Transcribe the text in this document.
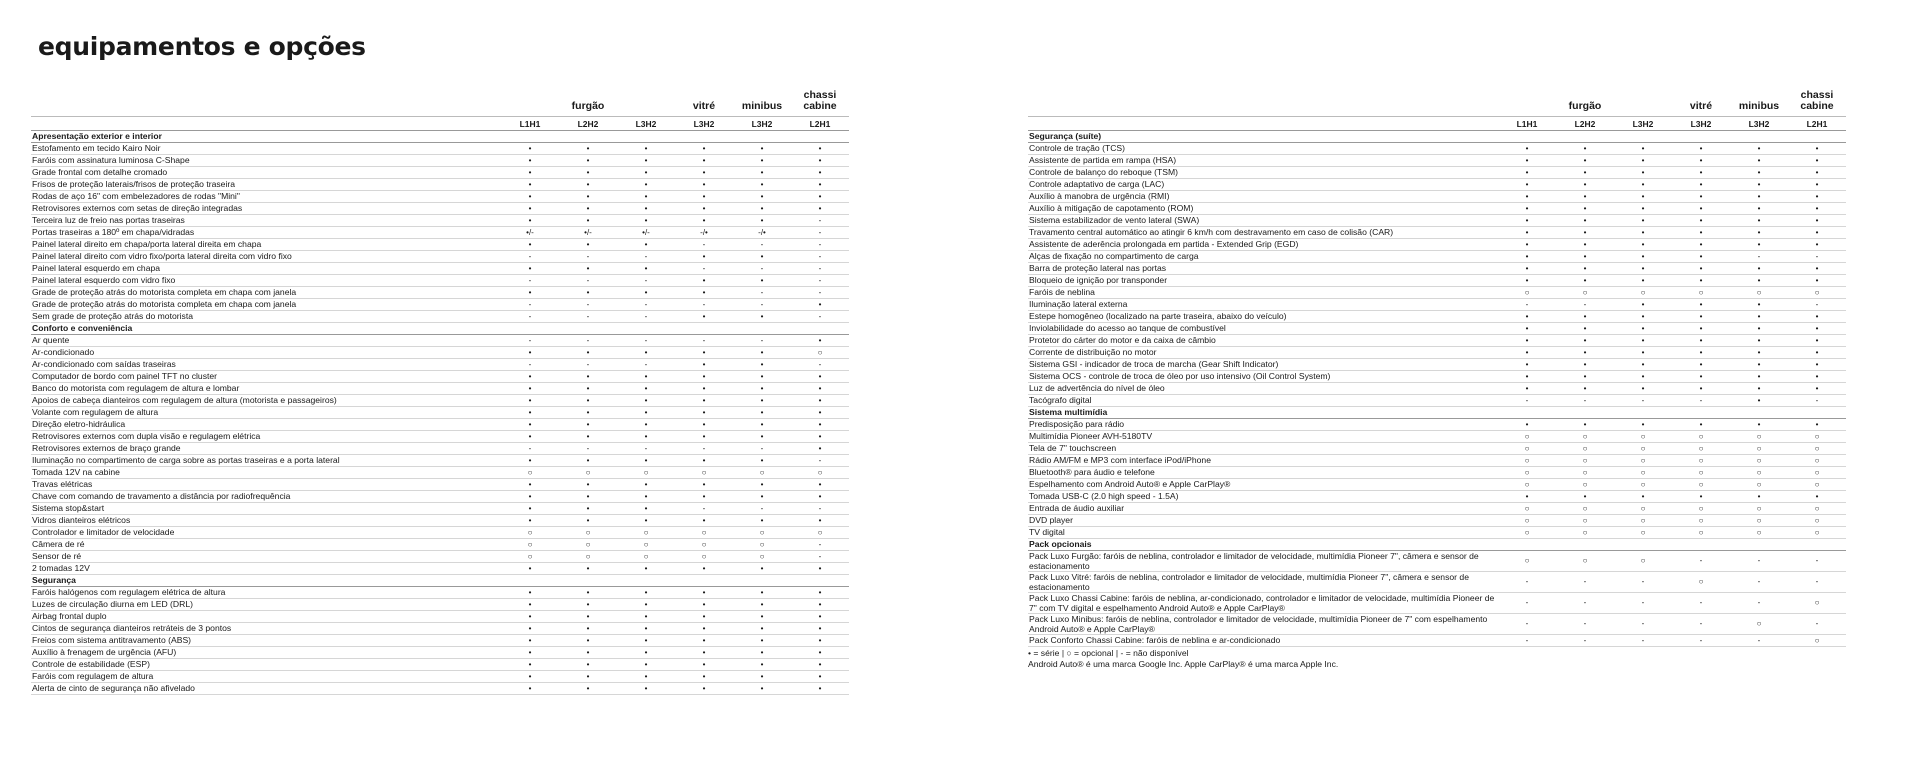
equipamentos e opções
	furgão			vitré	minibus	chassi cabine
	L1H1	L2H2	L3H2	L3H2	L3H2	L2H1
Apresentação exterior e interior						
Estofamento em tecido Kairo Noir	•	•	•	•	•	•
Faróis com assinatura luminosa C-Shape	•	•	•	•	•	•
Grade frontal com detalhe cromado	•	•	•	•	•	•
Frisos de proteção laterais/frisos de proteção traseira	•	•	•	•	•	•
Rodas de aço 16" com embelezadores de rodas "Mini"	•	•	•	•	•	•
Retrovisores externos com setas de direção integradas	•	•	•	•	•	•
Terceira luz de freio nas portas traseiras	•	•	•	•	•	-
Portas traseiras a 180º em chapa/vidradas	•/-	•/-	•/-	-/•	-/•	-
Painel lateral direito em chapa/porta lateral direita em chapa	•	•	•	-	-	-
Painel lateral direito com vidro fixo/porta lateral direita com vidro fixo	-	-	-	•	•	-
Painel lateral esquerdo em chapa	•	•	•	-	-	-
Painel lateral esquerdo com vidro fixo	-	-	-	•	•	-
Grade de proteção atrás do motorista completa em chapa com janela	•	•	•	•	-	-
Grade de proteção atrás do motorista completa em chapa com janela	-	-	-	-	-	•
Sem grade de proteção atrás do motorista	-	-	-	•	•	-
Conforto e conveniência						
Ar quente	-	-	-	-	-	•
Ar-condicionado	•	•	•	•	•	○
Ar-condicionado com saídas traseiras	-	-	-	•	•	-
Computador de bordo com painel TFT no cluster	•	•	•	•	•	•
Banco do motorista com regulagem de altura e lombar	•	•	•	•	•	•
Apoios de cabeça dianteiros com regulagem de altura (motorista e passageiros)	•	•	•	•	•	•
Volante com regulagem de altura	•	•	•	•	•	•
Direção eletro-hidráulica	•	•	•	•	•	•
Retrovisores externos com dupla visão e regulagem elétrica	•	•	•	•	•	•
Retrovisores externos de braço grande	-	-	-	-	-	•
Iluminação no compartimento de carga sobre as portas traseiras e a porta lateral	•	•	•	•	•	-
Tomada 12V na cabine	○	○	○	○	○	○
Travas elétricas	•	•	•	•	•	•
Chave com comando de travamento a distância por radiofrequência	•	•	•	•	•	•
Sistema stop&start	•	•	•	-	-	-
Vidros dianteiros elétricos	•	•	•	•	•	•
Controlador e limitador de velocidade	○	○	○	○	○	○
Câmera de ré	○	○	○	○	○	-
Sensor de ré	○	○	○	○	○	-
2 tomadas 12V	•	•	•	•	•	•
Segurança						
Faróis halógenos com regulagem elétrica de altura	•	•	•	•	•	•
Luzes de circulação diurna em LED (DRL)	•	•	•	•	•	•
Airbag frontal duplo	•	•	•	•	•	•
Cintos de segurança dianteiros retráteis de 3 pontos	•	•	•	•	•	•
Freios com sistema antitravamento (ABS)	•	•	•	•	•	•
Auxílio à frenagem de urgência (AFU)	•	•	•	•	•	•
Controle de estabilidade (ESP)	•	•	•	•	•	•
Faróis com regulagem de altura	•	•	•	•	•	•
Alerta de cinto de segurança não afivelado	•	•	•	•	•	•
	furgão			vitré	minibus	chassi cabine
	L1H1	L2H2	L3H2	L3H2	L3H2	L2H1
Segurança (suíte)						
Controle de tração (TCS)	•	•	•	•	•	•
Assistente de partida em rampa (HSA)	•	•	•	•	•	•
Controle de balanço do reboque (TSM)	•	•	•	•	•	•
Controle adaptativo de carga (LAC)	•	•	•	•	•	•
Auxílio à manobra de urgência (RMI)	•	•	•	•	•	•
Auxílio à mitigação de capotamento (ROM)	•	•	•	•	•	•
Sistema estabilizador de vento lateral (SWA)	•	•	•	•	•	•
Travamento central automático ao atingir 6 km/h com destravamento em caso de colisão (CAR)	•	•	•	•	•	•
Assistente de aderência prolongada em partida - Extended Grip (EGD)	•	•	•	•	•	•
Alças de fixação no compartimento de carga	•	•	•	•	-	-
Barra de proteção lateral nas portas	•	•	•	•	•	•
Bloqueio de ignição por transponder	•	•	•	•	•	•
Faróis de neblina	○	○	○	○	○	○
Iluminação lateral externa	-	-	•	•	•	-
Estepe homogêneo (localizado na parte traseira, abaixo do veículo)	•	•	•	•	•	•
Inviolabilidade do acesso ao tanque de combustível	•	•	•	•	•	•
Protetor do cárter do motor e da caixa de câmbio	•	•	•	•	•	•
Corrente de distribuição no motor	•	•	•	•	•	•
Sistema GSI - indicador de troca de marcha (Gear Shift Indicator)	•	•	•	•	•	•
Sistema OCS - controle de troca de óleo por uso intensivo (Oil Control System)	•	•	•	•	•	•
Luz de advertência do nível de óleo	•	•	•	•	•	•
Tacógrafo digital	-	-	-	-	•	-
Sistema multimídia						
Predisposição para rádio	•	•	•	•	•	•
Multimídia Pioneer AVH-5180TV	○	○	○	○	○	○
Tela de 7" touchscreen	○	○	○	○	○	○
Rádio AM/FM e MP3 com interface iPod/iPhone	○	○	○	○	○	○
Bluetooth® para áudio e telefone	○	○	○	○	○	○
Espelhamento com Android Auto® e Apple CarPlay®	○	○	○	○	○	○
Tomada USB-C (2.0 high speed - 1.5A)	•	•	•	•	•	•
Entrada de áudio auxiliar	○	○	○	○	○	○
DVD player	○	○	○	○	○	○
TV digital	○	○	○	○	○	○
Pack opcionais						
Pack Luxo Furgão: faróis de neblina, controlador e limitador de velocidade, multimídia Pioneer 7", câmera e sensor de estacionamento	○	○	○	-	-	-
Pack Luxo Vitré: faróis de neblina, controlador e limitador de velocidade, multimídia Pioneer 7", câmera e sensor de estacionamento	-	-	-	○	-	-
Pack Luxo Chassi Cabine: faróis de neblina, ar-condicionado, controlador e limitador de velocidade, multimídia Pioneer de 7" com TV digital e espelhamento Android Auto® e Apple CarPlay®	-	-	-	-	-	○
Pack Luxo Minibus: faróis de neblina, controlador e limitador de velocidade, multimídia Pioneer de 7" com espelhamento Android Auto® e Apple CarPlay®	-	-	-	-	○	-
Pack Conforto Chassi Cabine: faróis de neblina e ar-condicionado	-	-	-	-	-	○
• = série | ○ = opcional | - = não disponível
Android Auto® é uma marca Google Inc. Apple CarPlay® é uma marca Apple Inc.
